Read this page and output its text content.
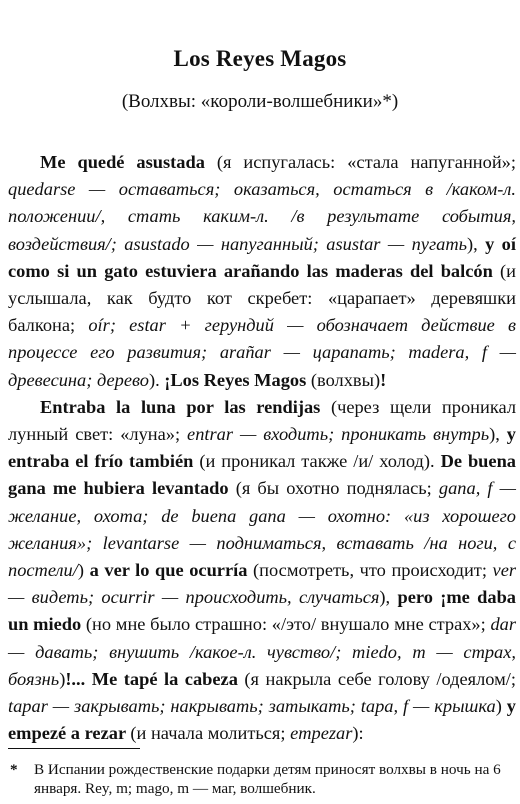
Los Reyes Magos
(Волхвы: «короли-волшебники»*)

Me quedé asustada (я испугалась: «стала напуганной»; quedarse — оставаться; оказаться, остаться в /каком-л. положении/, стать каким-л. /в результате события, воздействия/; asustado — напуганный; asustar — пугать), y oí como si un gato estuviera arañando las maderas del balcón (и услышала, как будто кот скребет: «царапает» деревяшки балкона; oír; estar + герундий — обозначает действие в процессе его развития; arañar — царапать; madera, f — древесина; дерево). ¡Los Reyes Magos (волхвы)!

Entraba la luna por las rendijas (через щели проникал лунный свет: «луна»; entrar — входить; проникать внутрь), y entraba el frío también (и проникал также /и/ холод). De buena gana me hubiera levantado (я бы охотно поднялась; gana, f — желание, охота; de buena gana — охотно: «из хорошего желания»; levantarse — подниматься, вставать /на ноги, с постели/) a ver lo que ocurría (посмотреть, что происходит; ver — видеть; ocurrir — происходить, случаться), pero ¡me daba un miedo (но мне было страшно: «/это/ внушало мне страх»; dar — давать; внушить /какое-л. чувство/; miedo, m — страх, боязнь)!... Me tapé la cabeza (я накрыла себе голову /одеялом/; tapar — закрывать; накрывать; затыкать; tapa, f — крышка) y empezé a rezar (и начала молиться; empezar):

*	В Испании рождественские подарки детям приносят волхвы в ночь на 6 января. Rey, m; mago, m — маг, волшебник.
